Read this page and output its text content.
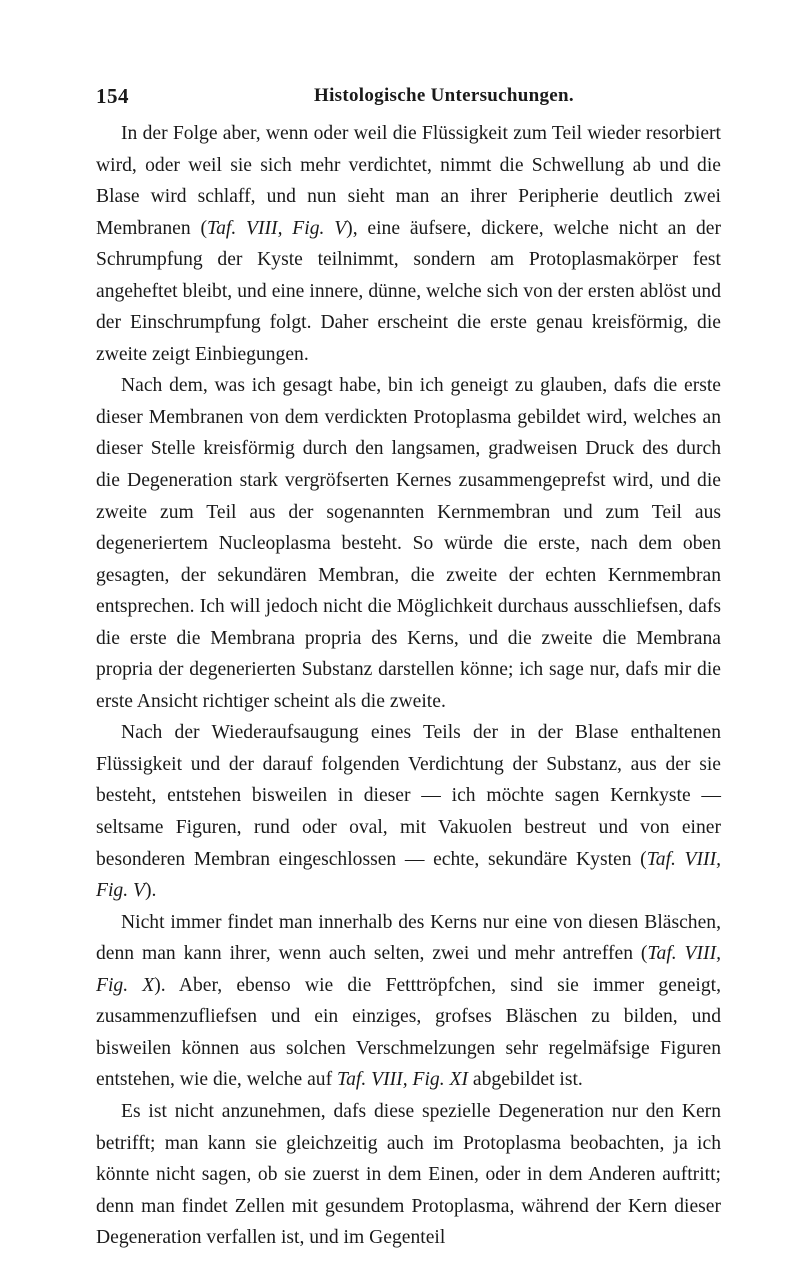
154	Histologische Untersuchungen.

In der Folge aber, wenn oder weil die Flüssigkeit zum Teil wieder resorbiert wird, oder weil sie sich mehr verdichtet, nimmt die Schwellung ab und die Blase wird schlaff, und nun sieht man an ihrer Peripherie deutlich zwei Membranen (Taf. VIII, Fig. V), eine äufsere, dickere, welche nicht an der Schrumpfung der Kyste teilnimmt, sondern am Protoplasmakörper fest angeheftet bleibt, und eine innere, dünne, welche sich von der ersten ablöst und der Einschrumpfung folgt. Daher erscheint die erste genau kreisförmig, die zweite zeigt Einbiegungen.

Nach dem, was ich gesagt habe, bin ich geneigt zu glauben, dafs die erste dieser Membranen von dem verdickten Protoplasma gebildet wird, welches an dieser Stelle kreisförmig durch den langsamen, gradweisen Druck des durch die Degeneration stark vergröfserten Kernes zusammengeprefst wird, und die zweite zum Teil aus der sogenannten Kernmembran und zum Teil aus degeneriertem Nucleoplasma besteht. So würde die erste, nach dem oben gesagten, der sekundären Membran, die zweite der echten Kernmembran entsprechen. Ich will jedoch nicht die Möglichkeit durchaus ausschliefsen, dafs die erste die Membrana propria des Kerns, und die zweite die Membrana propria der degenerierten Substanz darstellen könne; ich sage nur, dafs mir die erste Ansicht richtiger scheint als die zweite.

Nach der Wiederaufsaugung eines Teils der in der Blase enthaltenen Flüssigkeit und der darauf folgenden Verdichtung der Substanz, aus der sie besteht, entstehen bisweilen in dieser — ich möchte sagen Kernkyste — seltsame Figuren, rund oder oval, mit Vakuolen bestreut und von einer besonderen Membran eingeschlossen — echte, sekundäre Kysten (Taf. VIII, Fig. V).

Nicht immer findet man innerhalb des Kerns nur eine von diesen Bläschen, denn man kann ihrer, wenn auch selten, zwei und mehr antreffen (Taf. VIII, Fig. X). Aber, ebenso wie die Fetttröpfchen, sind sie immer geneigt, zusammenzufliefsen und ein einziges, grofses Bläschen zu bilden, und bisweilen können aus solchen Verschmelzungen sehr regelmäfsige Figuren entstehen, wie die, welche auf Taf. VIII, Fig. XI abgebildet ist.

Es ist nicht anzunehmen, dafs diese spezielle Degeneration nur den Kern betrifft; man kann sie gleichzeitig auch im Protoplasma beobachten, ja ich könnte nicht sagen, ob sie zuerst in dem Einen, oder in dem Anderen auftritt; denn man findet Zellen mit gesundem Protoplasma, während der Kern dieser Degeneration verfallen ist, und im Gegenteil
